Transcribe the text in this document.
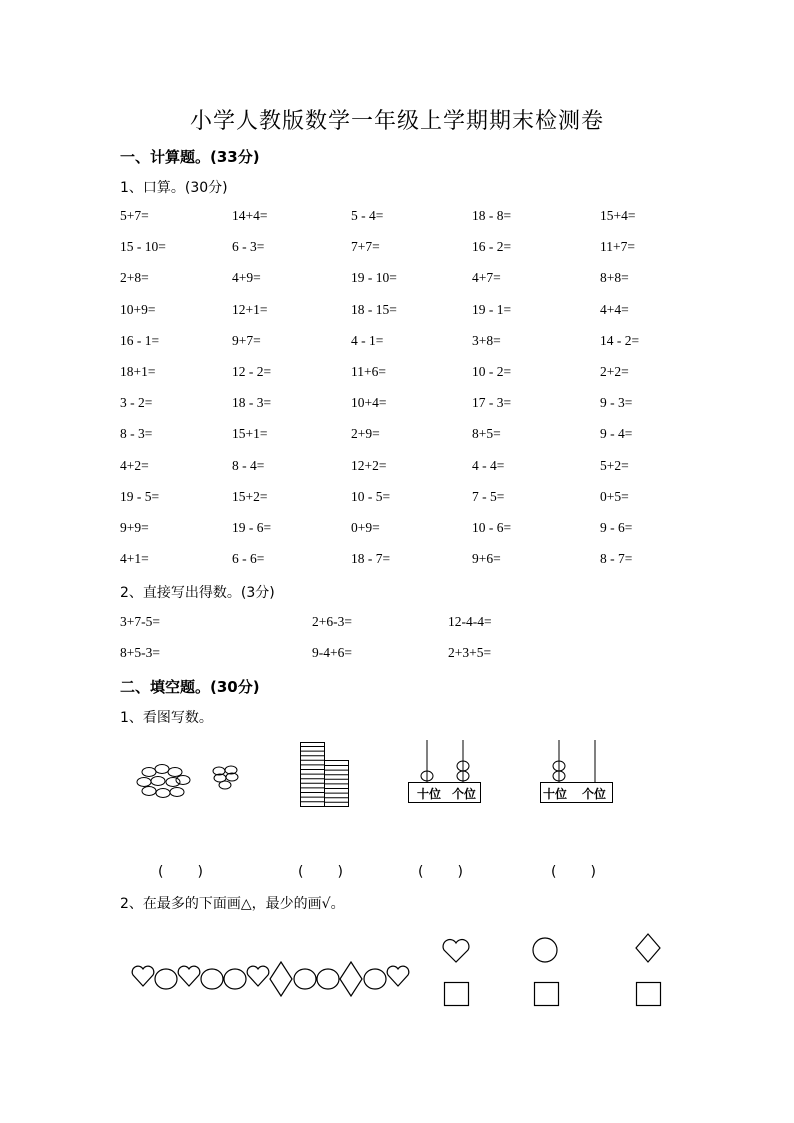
小学人教版数学一年级上学期期末检测卷
一、计算题。(33分)
1、口算。(30分)
5+7=	14+4=	5 - 4=	18 - 8=	15+4=
15 - 10=	6 - 3=	7+7=	16 - 2=	11+7=
2+8=	4+9=	19 - 10=	4+7=	8+8=
10+9=	12+1=	18 - 15=	19 - 1=	4+4=
16 - 1=	9+7=	4 - 1=	3+8=	14 - 2=
18+1=	12 - 2=	11+6=	10 - 2=	2+2=
3 - 2=	18 - 3=	10+4=	17 - 3=	9 - 3=
8 - 3=	15+1=	2+9=	8+5=	9 - 4=
4+2=	8 - 4=	12+2=	4 - 4=	5+2=
19 - 5=	15+2=	10 - 5=	7 - 5=	0+5=
9+9=	19 - 6=	0+9=	10 - 6=	9 - 6=
4+1=	6 - 6=	18 - 7=	9+6=	8 - 7=
2、直接写出得数。(3分)
3+7-5=	2+6-3=	12-4-4=
8+5-3=	9-4+6=	2+3+5=
二、填空题。(30分)
1、看图写数。
十位 个位	十位 个位
(　　)	(　　)	(　　)	(　　)
2、在最多的下面画△，最少的画√。
